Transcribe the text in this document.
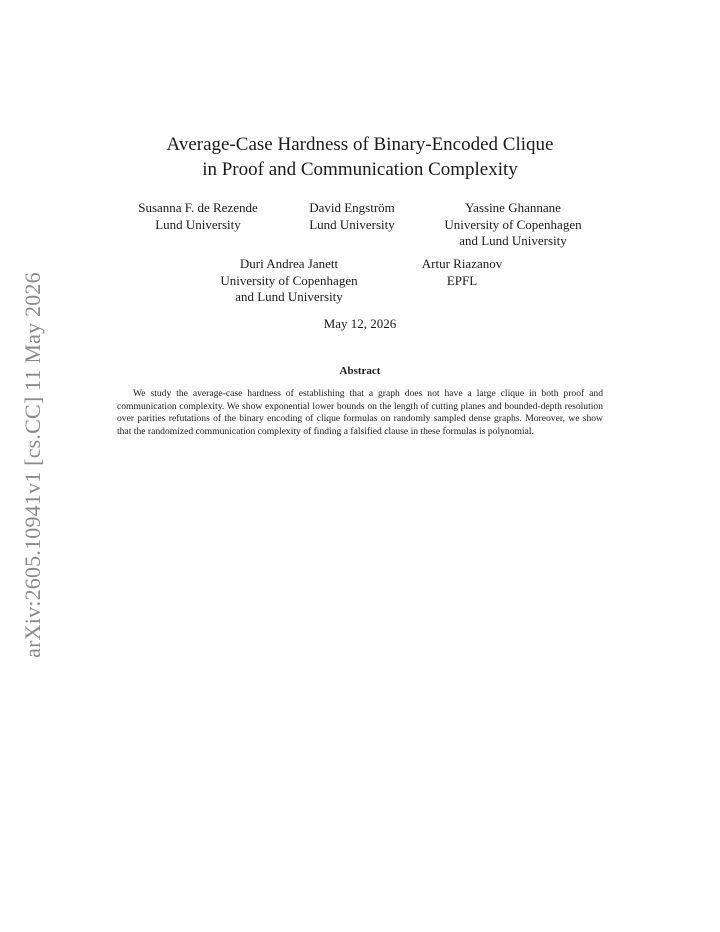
arXiv:2605.10941v1 [cs.CC] 11 May 2026
Average-Case Hardness of Binary-Encoded Clique
in Proof and Communication Complexity
Susanna F. de Rezende
Lund University
David Engström
Lund University
Yassine Ghannane
University of Copenhagen
and Lund University
Duri Andrea Janett
University of Copenhagen
and Lund University
Artur Riazanov
EPFL
May 12, 2026
Abstract

We study the average-case hardness of establishing that a graph does not have a large clique in both proof and communication complexity. We show exponential lower bounds on the length of cutting planes and bounded-depth resolution over parities refutations of the binary encoding of clique formulas on randomly sampled dense graphs. Moreover, we show that the randomized communication complexity of finding a falsified clause in these formulas is polynomial.
